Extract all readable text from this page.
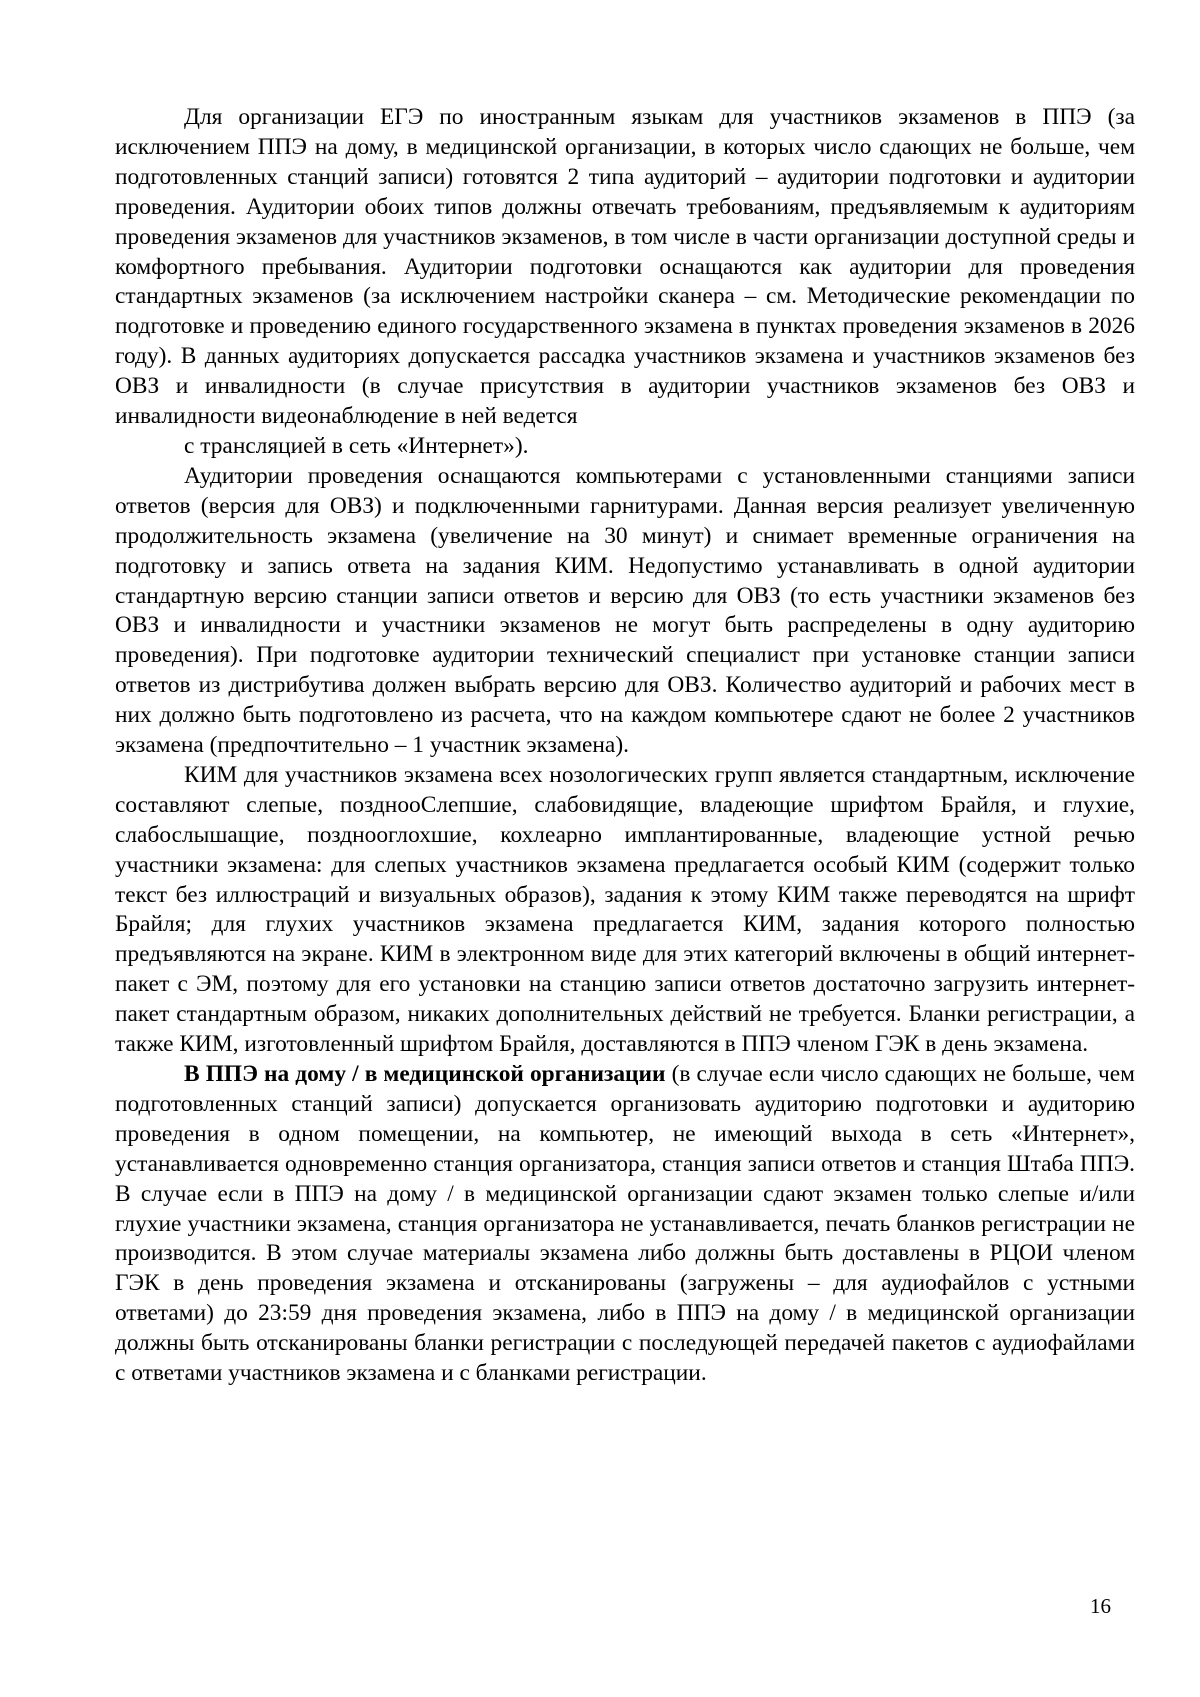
Для организации ЕГЭ по иностранным языкам для участников экзаменов в ППЭ (за исключением ППЭ на дому, в медицинской организации, в которых число сдающих не больше, чем подготовленных станций записи) готовятся 2 типа аудиторий – аудитории подготовки и аудитории проведения. Аудитории обоих типов должны отвечать требованиям, предъявляемым к аудиториям проведения экзаменов для участников экзаменов, в том числе в части организации доступной среды и комфортного пребывания. Аудитории подготовки оснащаются как аудитории для проведения стандартных экзаменов (за исключением настройки сканера – см. Методические рекомендации по подготовке и проведению единого государственного экзамена в пунктах проведения экзаменов в 2026 году). В данных аудиториях допускается рассадка участников экзамена и участников экзаменов без ОВЗ и инвалидности (в случае присутствия в аудитории участников экзаменов без ОВЗ и инвалидности видеонаблюдение в ней ведется

с трансляцией в сеть «Интернет»).

Аудитории проведения оснащаются компьютерами с установленными станциями записи ответов (версия для ОВЗ) и подключенными гарнитурами. Данная версия реализует увеличенную продолжительность экзамена (увеличение на 30 минут) и снимает временные ограничения на подготовку и запись ответа на задания КИМ. Недопустимо устанавливать в одной аудитории стандартную версию станции записи ответов и версию для ОВЗ (то есть участники экзаменов без ОВЗ и инвалидности и участники экзаменов не могут быть распределены в одну аудиторию проведения). При подготовке аудитории технический специалист при установке станции записи ответов из дистрибутива должен выбрать версию для ОВЗ. Количество аудиторий и рабочих мест в них должно быть подготовлено из расчета, что на каждом компьютере сдают не более 2 участников экзамена (предпочтительно – 1 участник экзамена).

КИМ для участников экзамена всех нозологических групп является стандартным, исключение составляют слепые, позднооСлепшие, слабовидящие, владеющие шрифтом Брайля, и глухие, слабослышащие, позднооглохшие, кохлеарно имплантированные, владеющие устной речью участники экзамена: для слепых участников экзамена предлагается особый КИМ (содержит только текст без иллюстраций и визуальных образов), задания к этому КИМ также переводятся на шрифт Брайля; для глухих участников экзамена предлагается КИМ, задания которого полностью предъявляются на экране. КИМ в электронном виде для этих категорий включены в общий интернет-пакет с ЭМ, поэтому для его установки на станцию записи ответов достаточно загрузить интернет-пакет стандартным образом, никаких дополнительных действий не требуется. Бланки регистрации, а также КИМ, изготовленный шрифтом Брайля, доставляются в ППЭ членом ГЭК в день экзамена.

В ППЭ на дому / в медицинской организации (в случае если число сдающих не больше, чем подготовленных станций записи) допускается организовать аудиторию подготовки и аудиторию проведения в одном помещении, на компьютер, не имеющий выхода в сеть «Интернет», устанавливается одновременно станция организатора, станция записи ответов и станция Штаба ППЭ. В случае если в ППЭ на дому / в медицинской организации сдают экзамен только слепые и/или глухие участники экзамена, станция организатора не устанавливается, печать бланков регистрации не производится. В этом случае материалы экзамена либо должны быть доставлены в РЦОИ членом ГЭК в день проведения экзамена и отсканированы (загружены – для аудиофайлов с устными ответами) до 23:59 дня проведения экзамена, либо в ППЭ на дому / в медицинской организации должны быть отсканированы бланки регистрации с последующей передачей пакетов с аудиофайлами с ответами участников экзамена и с бланками регистрации.

16
